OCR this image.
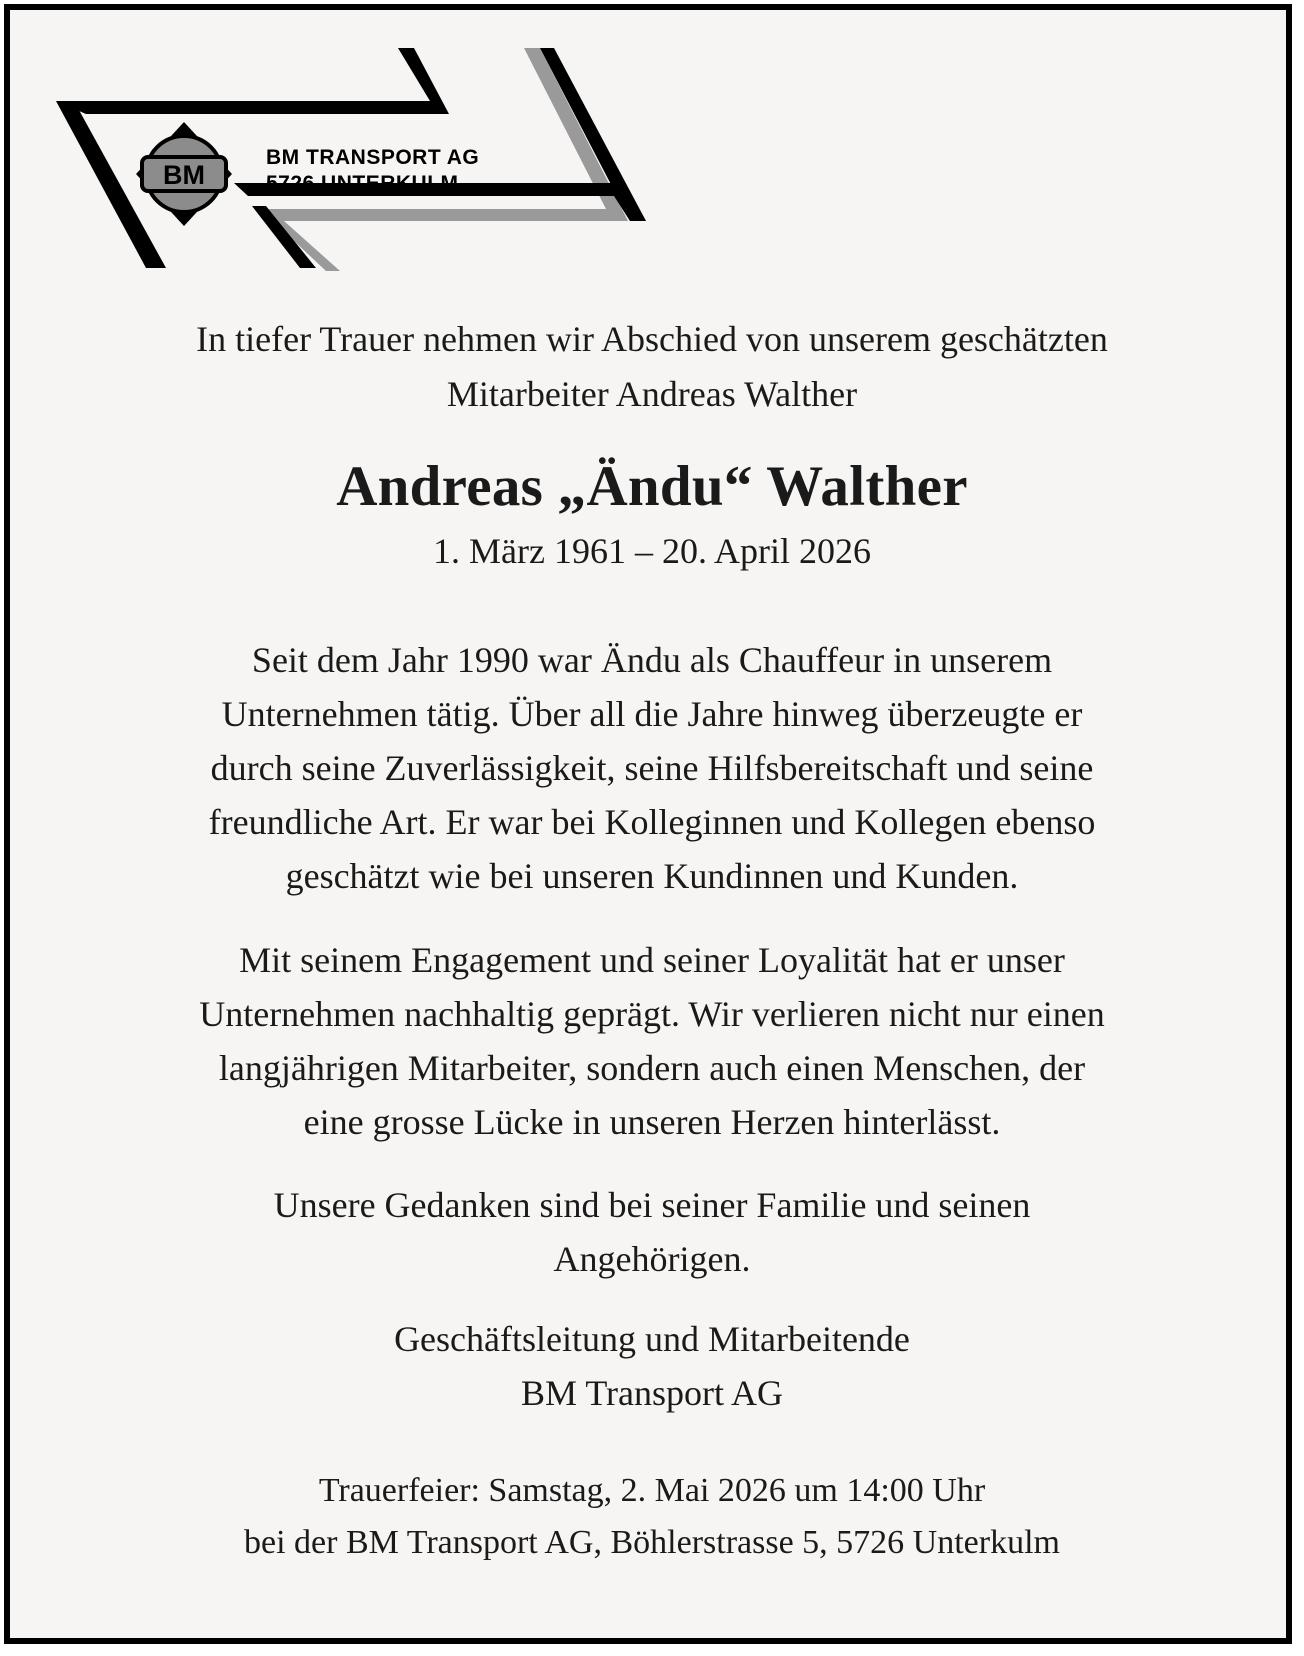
BM
BM TRANSPORT AG
5726 UNTERKULM
In tiefer Trauer nehmen wir Abschied von unserem geschätzten
Mitarbeiter Andreas Walther
Andreas „Ändu“ Walther
1. März 1961 – 20. April 2026
Seit dem Jahr 1990 war Ändu als Chauffeur in unserem
Unternehmen tätig. Über all die Jahre hinweg überzeugte er
durch seine Zuverlässigkeit, seine Hilfsbereitschaft und seine
freundliche Art. Er war bei Kolleginnen und Kollegen ebenso
geschätzt wie bei unseren Kundinnen und Kunden.
Mit seinem Engagement und seiner Loyalität hat er unser
Unternehmen nachhaltig geprägt. Wir verlieren nicht nur einen
langjährigen Mitarbeiter, sondern auch einen Menschen, der
eine grosse Lücke in unseren Herzen hinterlässt.
Unsere Gedanken sind bei seiner Familie und seinen
Angehörigen.
Geschäftsleitung und Mitarbeitende
BM Transport AG
Trauerfeier: Samstag, 2. Mai 2026 um 14:00 Uhr
bei der BM Transport AG, Böhlerstrasse 5, 5726 Unterkulm
